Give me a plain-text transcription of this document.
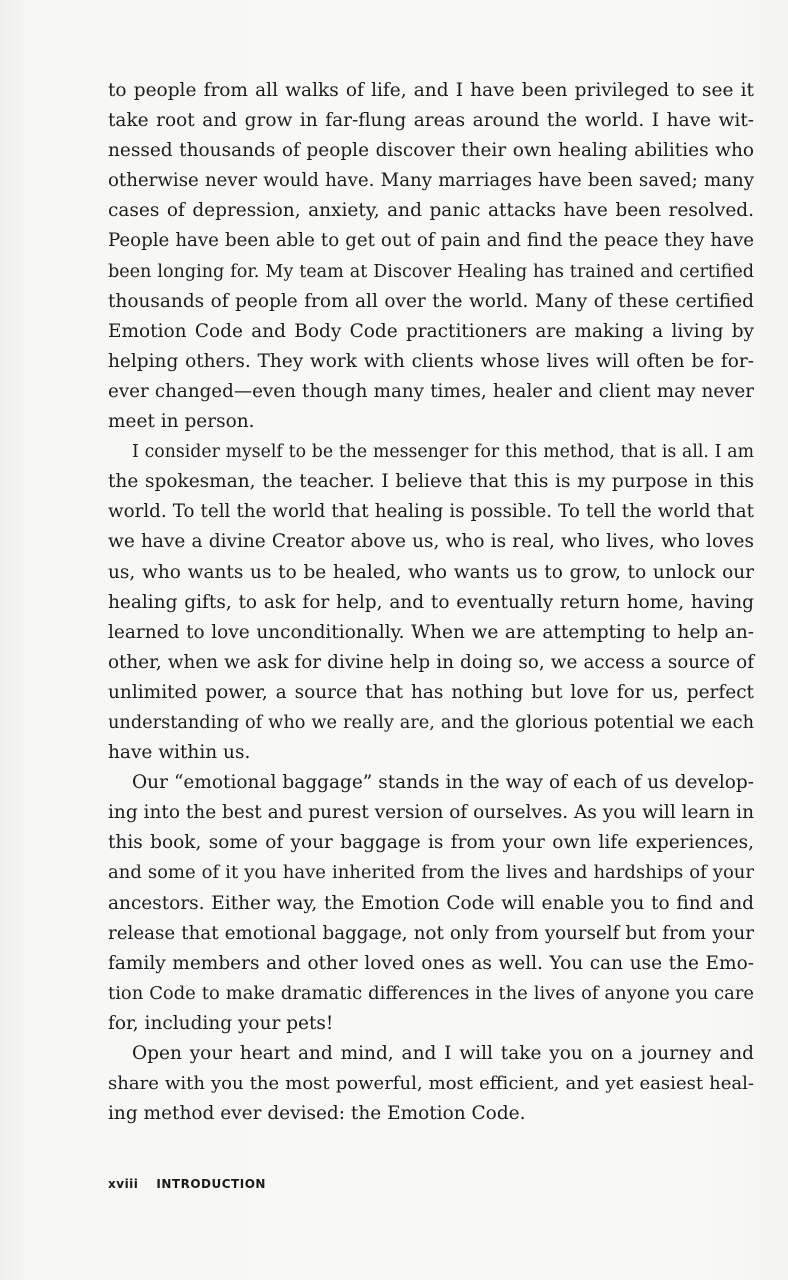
to people from all walks of life, and I have been privileged to see it
take root and grow in far-flung areas around the world. I have wit-
nessed thousands of people discover their own healing abilities who
otherwise never would have. Many marriages have been saved; many
cases of depression, anxiety, and panic attacks have been resolved.
People have been able to get out of pain and find the peace they have
been longing for. My team at Discover Healing has trained and certified
thousands of people from all over the world. Many of these certified
Emotion Code and Body Code practitioners are making a living by
helping others. They work with clients whose lives will often be for-
ever changed—even though many times, healer and client may never
meet in person.

I consider myself to be the messenger for this method, that is all. I am
the spokesman, the teacher. I believe that this is my purpose in this
world. To tell the world that healing is possible. To tell the world that
we have a divine Creator above us, who is real, who lives, who loves
us, who wants us to be healed, who wants us to grow, to unlock our
healing gifts, to ask for help, and to eventually return home, having
learned to love unconditionally. When we are attempting to help an-
other, when we ask for divine help in doing so, we access a source of
unlimited power, a source that has nothing but love for us, perfect
understanding of who we really are, and the glorious potential we each
have within us.

Our “emotional baggage” stands in the way of each of us develop-
ing into the best and purest version of ourselves. As you will learn in
this book, some of your baggage is from your own life experiences,
and some of it you have inherited from the lives and hardships of your
ancestors. Either way, the Emotion Code will enable you to find and
release that emotional baggage, not only from yourself but from your
family members and other loved ones as well. You can use the Emo-
tion Code to make dramatic differences in the lives of anyone you care
for, including your pets!

Open your heart and mind, and I will take you on a journey and
share with you the most powerful, most efficient, and yet easiest heal-
ing method ever devised: the Emotion Code.

xviii INTRODUCTION
